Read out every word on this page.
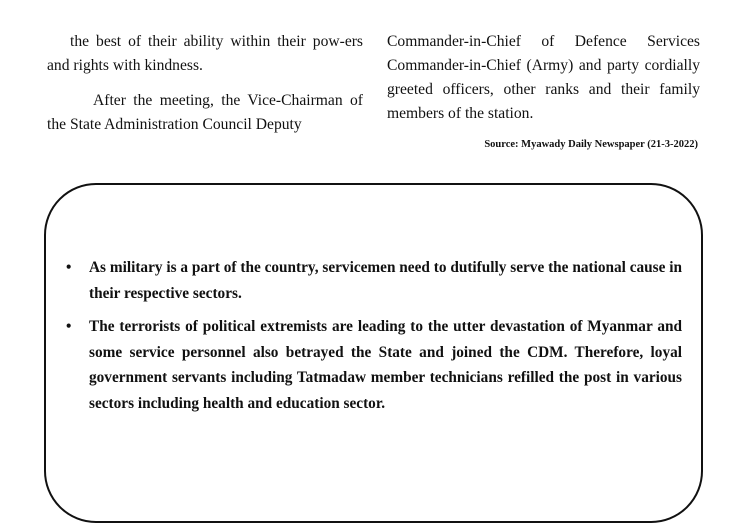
the best of their ability within their pow-ers and rights with kindness.

After the meeting, the Vice-Chairman of the State Administration Council Deputy

Commander-in-Chief of Defence Services Commander-in-Chief (Army) and party cordially greeted officers, other ranks and their family members of the station.

Source: Myawady Daily Newspaper (21-3-2022)
• As military is a part of the country, servicemen need to dutifully serve the national cause in their respective sectors.
• The terrorists of political extremists are leading to the utter devastation of Myanmar and some service personnel also betrayed the State and joined the CDM. Therefore, loyal government servants including Tatmadaw member technicians refilled the post in various sectors including health and education sector.
